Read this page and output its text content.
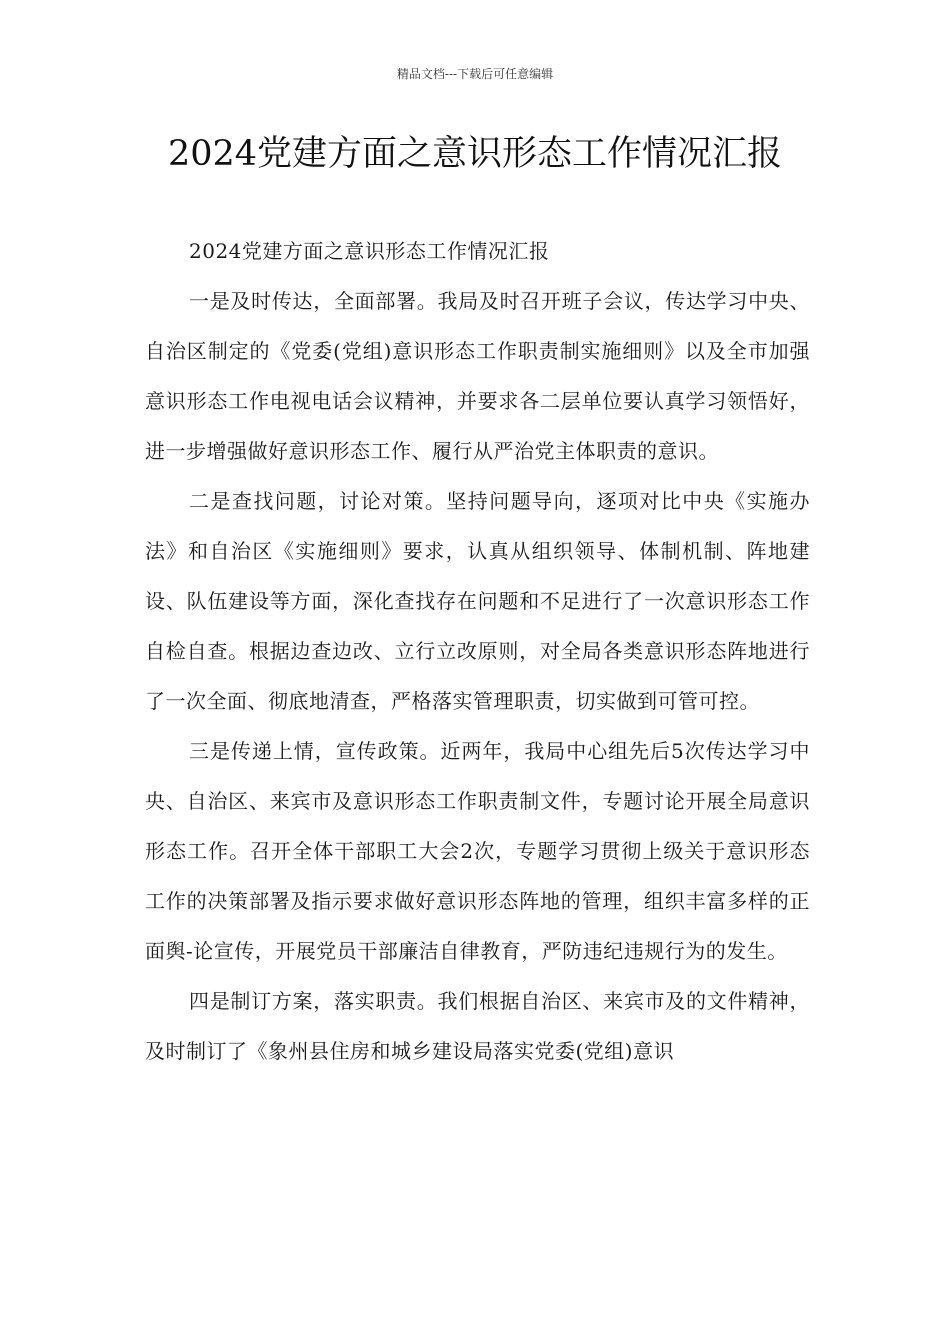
精品文档---下载后可任意编辑
2024党建方面之意识形态工作情况汇报

2024党建方面之意识形态工作情况汇报

一是及时传达，全面部署。我局及时召开班子会议，传达学习中央、自治区制定的《党委(党组)意识形态工作职责制实施细则》以及全市加强意识形态工作电视电话会议精神，并要求各二层单位要认真学习领悟好，进一步增强做好意识形态工作、履行从严治党主体职责的意识。

二是查找问题，讨论对策。坚持问题导向，逐项对比中央《实施办法》和自治区《实施细则》要求，认真从组织领导、体制机制、阵地建设、队伍建设等方面，深化查找存在问题和不足进行了一次意识形态工作自检自查。根据边查边改、立行立改原则，对全局各类意识形态阵地进行了一次全面、彻底地清查，严格落实管理职责，切实做到可管可控。

三是传递上情，宣传政策。近两年，我局中心组先后5次传达学习中央、自治区、来宾市及意识形态工作职责制文件，专题讨论开展全局意识形态工作。召开全体干部职工大会2次，专题学习贯彻上级关于意识形态工作的决策部署及指示要求做好意识形态阵地的管理，组织丰富多样的正面舆-论宣传，开展党员干部廉洁自律教育，严防违纪违规行为的发生。

四是制订方案，落实职责。我们根据自治区、来宾市及的文件精神，及时制订了《象州县住房和城乡建设局落实党委(党组)意识
